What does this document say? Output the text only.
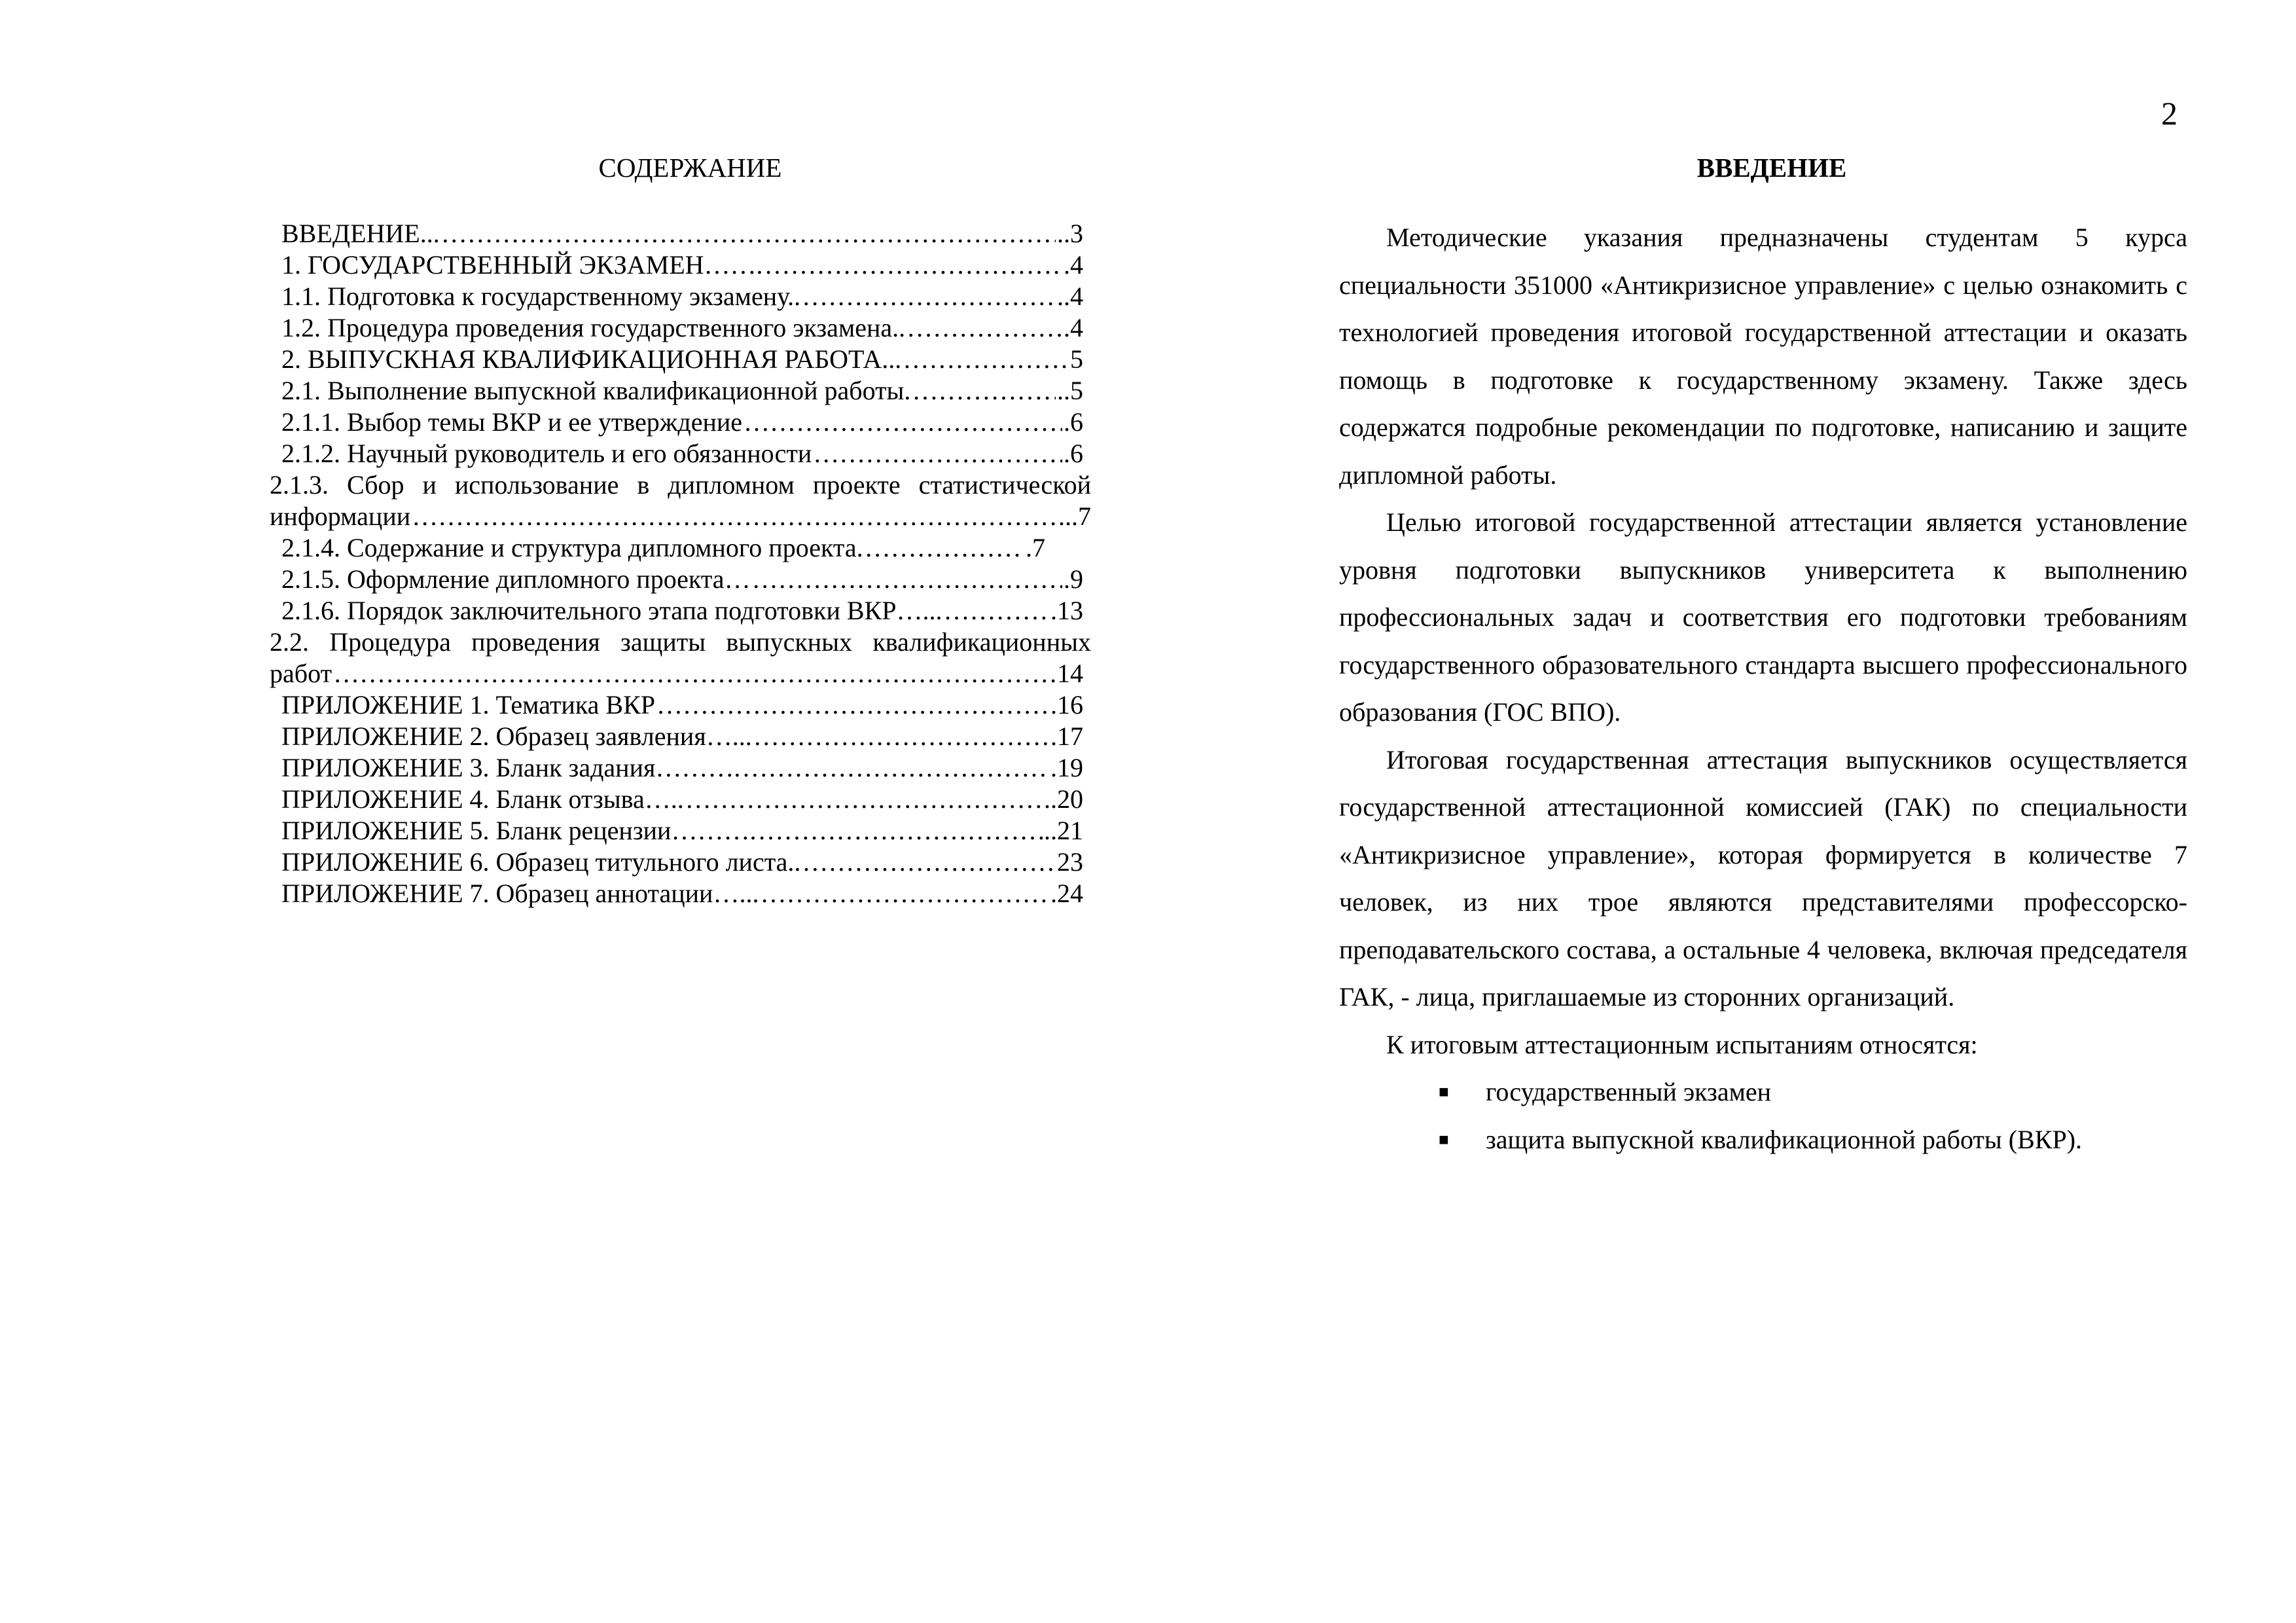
2
СОДЕРЖАНИЕ
ВВЕДЕНИЕ... ……………………………………………………………………………………………………………………………………………	..3
1. ГОСУДАРСТВЕННЫЙ ЭКЗАМЕН……. ……………………………………………………………………………………………………………………………………………	.4
1.1. Подготовка к государственному экзамену.. ……………………………………………………………………………………………………………………………………………	..4
1.2. Процедура проведения государственного экзамена.. ……………………………………………………………………………………………………………………………………………	.4
2. ВЫПУСКНАЯ КВАЛИФИКАЦИОННАЯ РАБОТА... ……………………………………………………………………………………………………………………………………………	5
2.1. Выполнение выпускной квалификационной работы. ……………………………………………………………………………………………………………………………………………	..5
2.1.1. Выбор темы ВКР и ее утверждение ……………………………………………………………………………………………………………………………………………	.6
2.1.2. Научный руководитель и его обязанности ……………………………………………………………………………………………………………………………………………	.6
2.1.3. Сбор и использование в дипломном проекте статистической
информации ……………………………………………………………………………………………………………………………………………	...7
2.1.4. Содержание и структура дипломного проекта. ……………………………………………………………………………………………………………………………………………	.7
2.1.5. Оформление дипломного проекта… ……………………………………………………………………………………………………………………………………………	.9
2.1.6. Порядок заключительного этапа подготовки ВКР…... ……………………………………………………………………………………………………………………………………………	.13
2.2. Процедура проведения защиты выпускных квалификационных
работ ……………………………………………………………………………………………………………………………………………	14
ПРИЛОЖЕНИЕ 1. Тематика ВКР ……………………………………………………………………………………………………………………………………………	.16
ПРИЛОЖЕНИЕ 2. Образец заявления…... ……………………………………………………………………………………………………………………………………………	.17
ПРИЛОЖЕНИЕ 3. Бланк задания………. ……………………………………………………………………………………………………………………………………………	.19
ПРИЛОЖЕНИЕ 4. Бланк отзыва….. ……………………………………………………………………………………………………………………………………………	..20
ПРИЛОЖЕНИЕ 5. Бланк рецензии………. ……………………………………………………………………………………………………………………………………………	..21
ПРИЛОЖЕНИЕ 6. Образец титульного листа.. ……………………………………………………………………………………………………………………………………………	23
ПРИЛОЖЕНИЕ 7. Образец аннотации…... ……………………………………………………………………………………………………………………………………………	.24
ВВЕДЕНИЕ

Методические указания предназначены студентам 5 курса специальности 351000 «Антикризисное управление» с целью ознакомить с технологией проведения итоговой государственной аттестации и оказать помощь в подготовке к государственному экзамену. Также здесь содержатся подробные рекомендации по подготовке, написанию и защите дипломной работы.

Целью итоговой государственной аттестации является установление уровня подготовки выпускников университета к выполнению профессиональных задач и соответствия его подготовки требованиям государственного образовательного стандарта высшего профессионального образования (ГОС ВПО).

Итоговая государственная аттестация выпускников осуществляется государственной аттестационной комиссией (ГАК) по специальности «Антикризисное управление», которая формируется в количестве 7 человек, из них трое являются представителями профессорско-преподавательского состава, а остальные 4 человека, включая председателя ГАК, - лица, приглашаемые из сторонних организаций.

К итоговым аттестационным испытаниям относятся:

■ государственный экзамен
■ защита выпускной квалификационной работы (ВКР).
